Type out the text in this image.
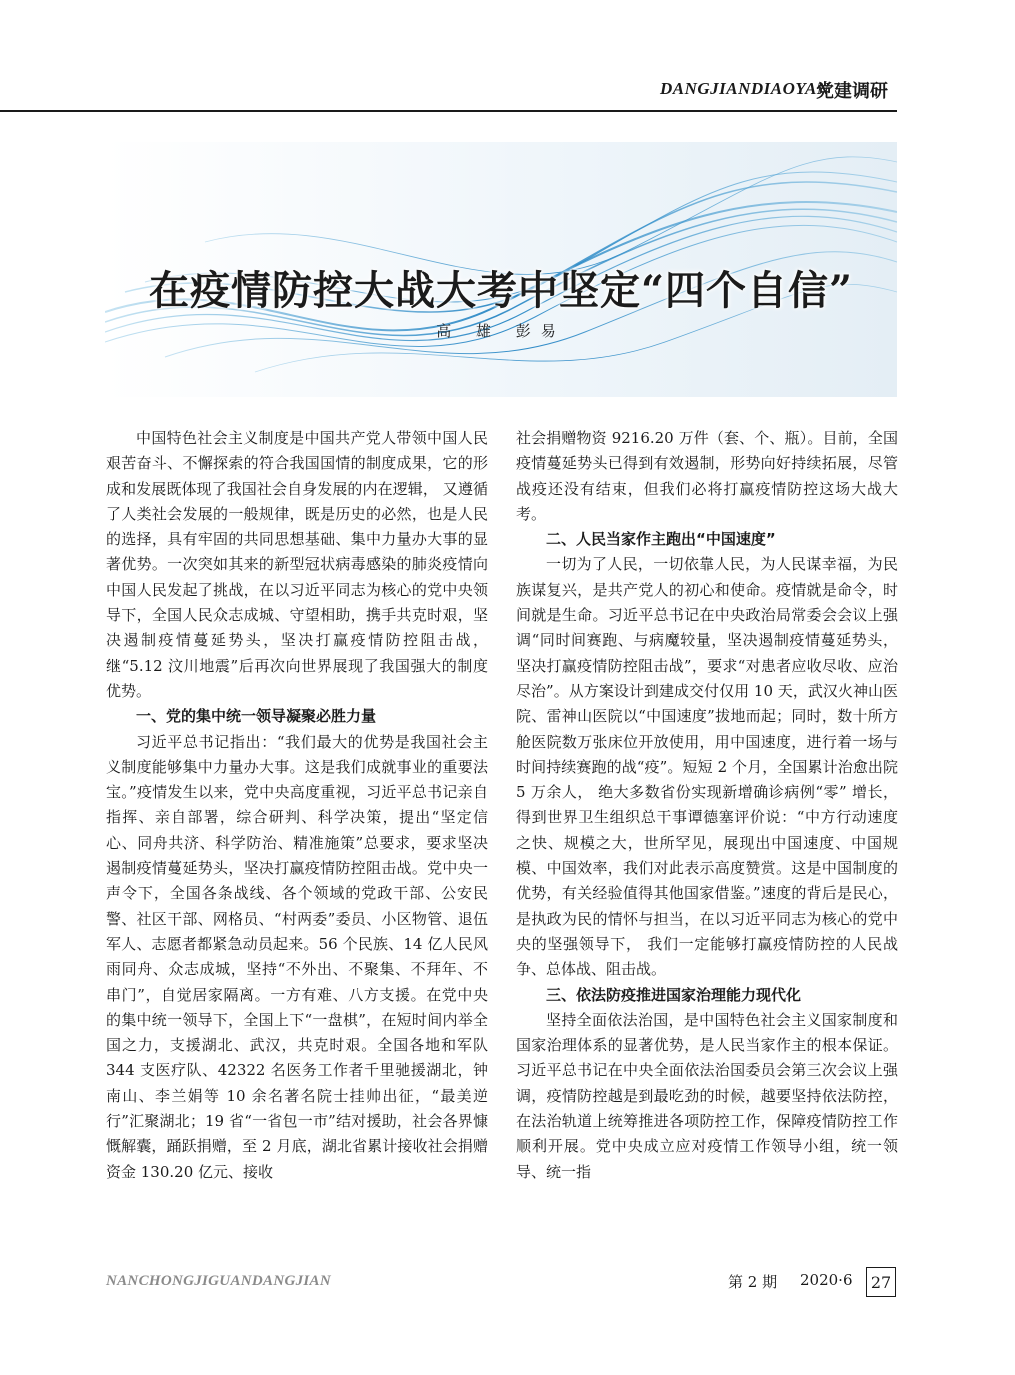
DANGJIANDIAOYAN
党建调研
在疫情防控大战大考中坚定“四个自信”
高 雄 彭易

中国特色社会主义制度是中国共产党人带领中国人民艰苦奋斗、不懈探索的符合我国国情的制度成果，它的形成和发展既体现了我国社会自身发展的内在逻辑， 又遵循了人类社会发展的一般规律，既是历史的必然，也是人民的选择，具有牢固的共同思想基础、集中力量办大事的显著优势。一次突如其来的新型冠状病毒感染的肺炎疫情向中国人民发起了挑战，在以习近平同志为核心的党中央领导下，全国人民众志成城、守望相助，携手共克时艰，坚决遏制疫情蔓延势头，坚决打赢疫情防控阻击战，继“5.12 汶川地震”后再次向世界展现了我国强大的制度优势。

一、党的集中统一领导凝聚必胜力量

习近平总书记指出：“我们最大的优势是我国社会主义制度能够集中力量办大事。这是我们成就事业的重要法宝。”疫情发生以来，党中央高度重视，习近平总书记亲自指挥、亲自部署，综合研判、科学决策，提出“坚定信心、同舟共济、科学防治、精准施策”总要求，要求坚决遏制疫情蔓延势头，坚决打赢疫情防控阻击战。党中央一声令下，全国各条战线、各个领域的党政干部、公安民警、社区干部、网格员、“村两委”委员、小区物管、退伍军人、志愿者都紧急动员起来。56 个民族、14 亿人民风雨同舟、众志成城，坚持“不外出、不聚集、不拜年、不串门”，自觉居家隔离。一方有难、八方支援。在党中央的集中统一领导下，全国上下“一盘棋”，在短时间内举全国之力，支援湖北、武汉，共克时艰。全国各地和军队 344 支医疗队、42322 名医务工作者千里驰援湖北，钟南山、李兰娟等 10 余名著名院士挂帅出征，“最美逆行”汇聚湖北；19 省“一省包一市”结对援助，社会各界慷慨解囊，踊跃捐赠，至 2 月底，湖北省累计接收社会捐赠资金 130.20 亿元、接收

社会捐赠物资 9216.20 万件（套、个、瓶）。目前，全国疫情蔓延势头已得到有效遏制，形势向好持续拓展，尽管战疫还没有结束，但我们必将打赢疫情防控这场大战大考。

二、人民当家作主跑出“中国速度”

一切为了人民，一切依靠人民，为人民谋幸福，为民族谋复兴，是共产党人的初心和使命。疫情就是命令，时间就是生命。习近平总书记在中央政治局常委会会议上强调“同时间赛跑、与病魔较量，坚决遏制疫情蔓延势头，坚决打赢疫情防控阻击战”，要求“对患者应收尽收、应治尽治”。从方案设计到建成交付仅用 10 天，武汉火神山医院、雷神山医院以“中国速度”拔地而起；同时，数十所方舱医院数万张床位开放使用，用中国速度，进行着一场与时间持续赛跑的战“疫”。短短 2 个月，全国累计治愈出院 5 万余人， 绝大多数省份实现新增确诊病例“零” 增长， 得到世界卫生组织总干事谭德塞评价说：“中方行动速度之快、规模之大，世所罕见，展现出中国速度、中国规模、中国效率，我们对此表示高度赞赏。这是中国制度的优势，有关经验值得其他国家借鉴。”速度的背后是民心，是执政为民的情怀与担当，在以习近平同志为核心的党中央的坚强领导下， 我们一定能够打赢疫情防控的人民战争、总体战、阻击战。

三、依法防疫推进国家治理能力现代化

坚持全面依法治国，是中国特色社会主义国家制度和国家治理体系的显著优势，是人民当家作主的根本保证。习近平总书记在中央全面依法治国委员会第三次会议上强调，疫情防控越是到最吃劲的时候，越要坚持依法防控，在法治轨道上统筹推进各项防控工作，保障疫情防控工作顺利开展。党中央成立应对疫情工作领导小组，统一领导、统一指

NANCHONGJIGUANDANGJIAN	第 2 期 2020·6	27
